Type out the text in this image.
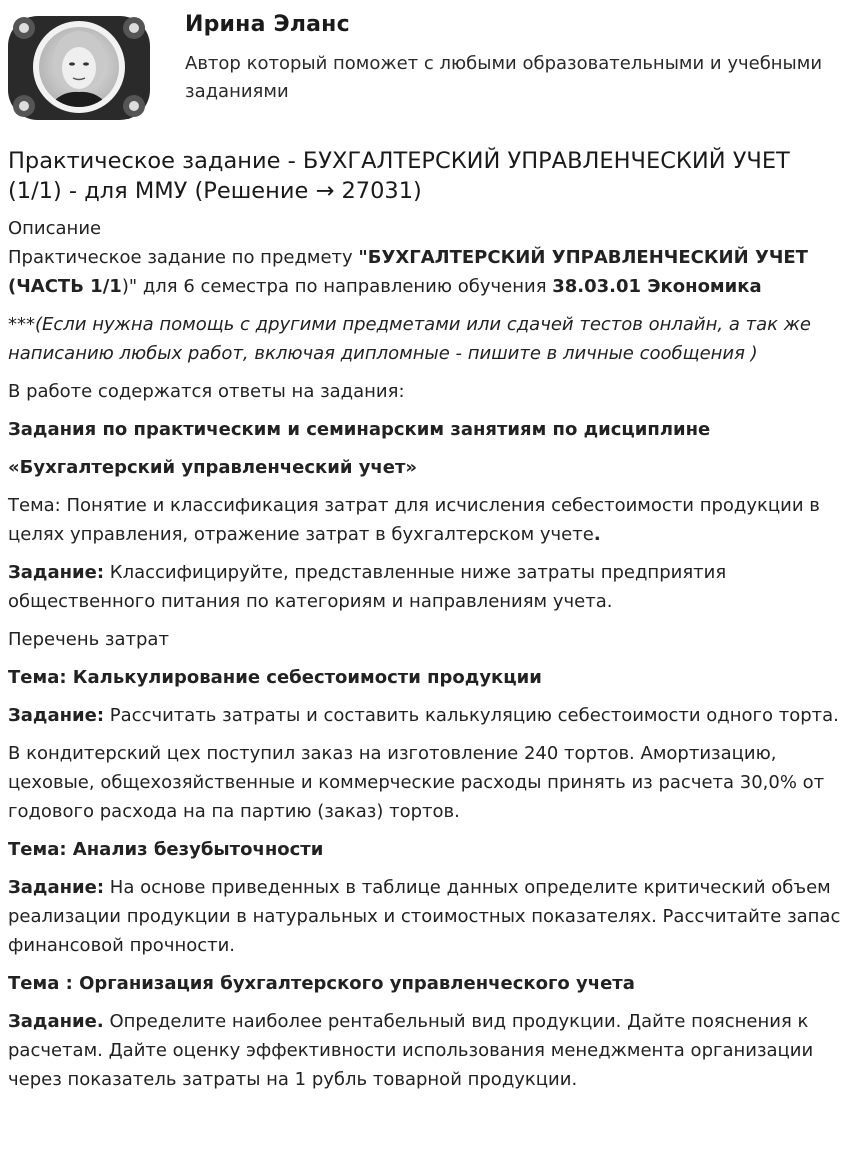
Ирина Эланс
Автор который поможет с любыми образовательными и учебными заданиями
Практическое задание - БУХГАЛТЕРСКИЙ УПРАВЛЕНЧЕСКИЙ УЧЕТ (1/1) - для ММУ (Решение → 27031)

Описание

Практическое задание по предмету "БУХГАЛТЕРСКИЙ УПРАВЛЕНЧЕСКИЙ УЧЕТ (ЧАСТЬ 1/1)" для 6 семестра по направлению обучения 38.03.01 Экономика

***(Если нужна помощь с другими предметами или сдачей тестов онлайн, а так же написанию любых работ, включая дипломные - пишите в личные сообщения )

В работе содержатся ответы на задания:

Задания по практическим и семинарским занятиям по дисциплине

«Бухгалтерский управленческий учет»

Тема: Понятие и классификация затрат для исчисления себестоимости продукции в целях управления, отражение затрат в бухгалтерском учете.

Задание: Классифицируйте, представленные ниже затраты предприятия общественного питания по категориям и направлениям учета.

Перечень затрат

Тема: Калькулирование себестоимости продукции

Задание: Рассчитать затраты и составить калькуляцию себестоимости одного торта.

В кондитерский цех поступил заказ на изготовление 240 тортов. Амортизацию, цеховые, общехозяйственные и коммерческие расходы принять из расчета 30,0% от годового расхода на па партию (заказ) тортов.

Тема: Анализ безубыточности

Задание: На основе приведенных в таблице данных определите критический объем реализации продукции в натуральных и стоимостных показателях. Рассчитайте запас финансовой прочности.

Тема : Организация бухгалтерского управленческого учета

Задание. Определите наиболее рентабельный вид продукции. Дайте пояснения к расчетам. Дайте оценку эффективности использования менеджмента организации через показатель затраты на 1 рубль товарной продукции.
